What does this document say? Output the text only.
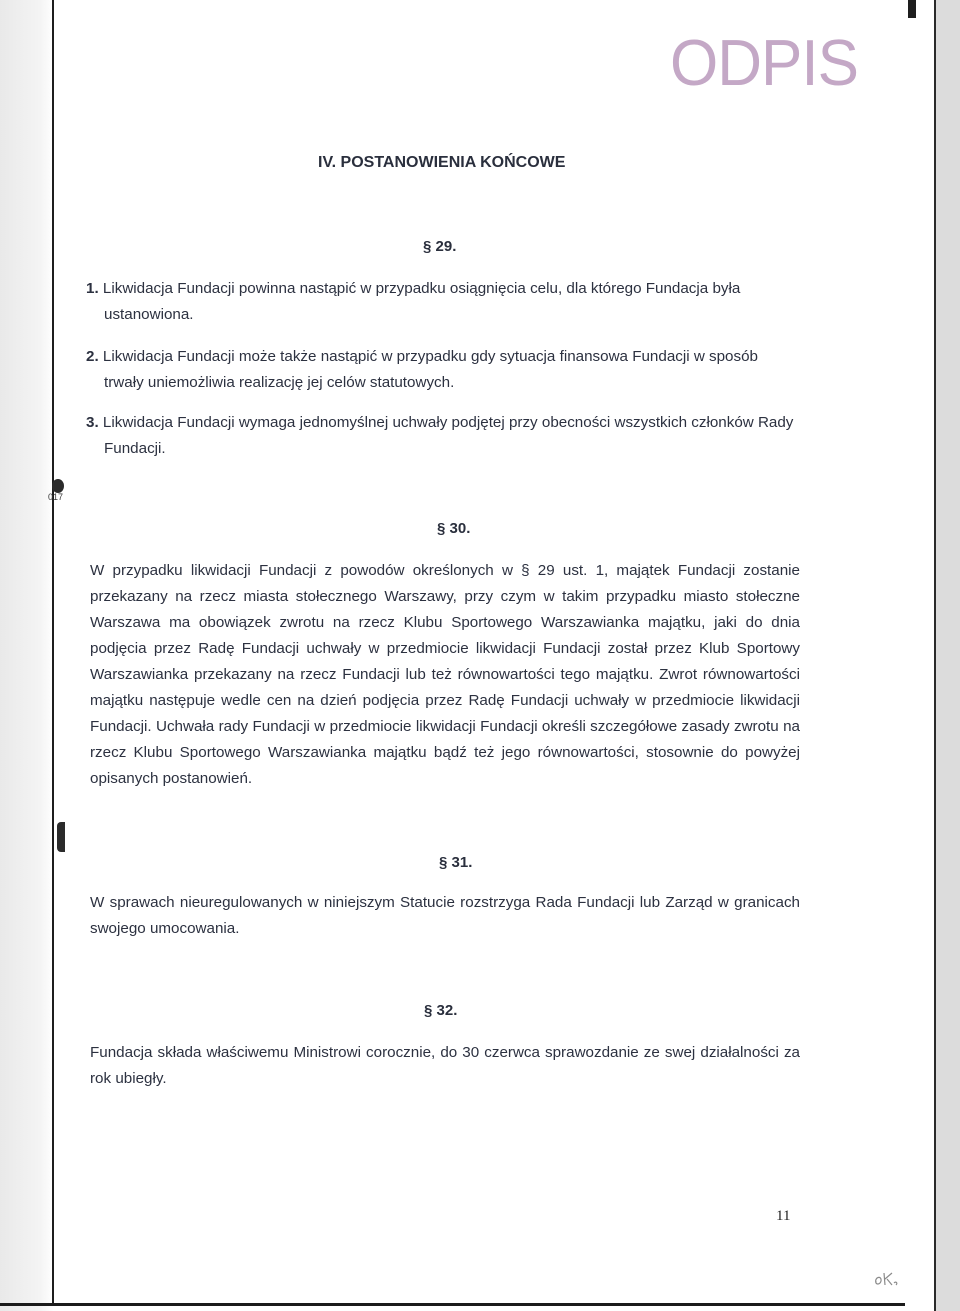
ODPIS
IV. POSTANOWIENIA KOŃCOWE
§ 29.
1. Likwidacja Fundacji powinna nastąpić w przypadku osiągnięcia celu, dla którego Fundacja była
ustanowiona.
2. Likwidacja Fundacji może także nastąpić w przypadku gdy sytuacja finansowa Fundacji w sposób
trwały uniemożliwia realizację jej celów statutowych.
3. Likwidacja Fundacji wymaga jednomyślnej uchwały podjętej przy obecności wszystkich członków Rady
Fundacji.
017
§ 30.
W przypadku likwidacji Fundacji z powodów określonych w § 29 ust. 1, majątek Fundacji zostanie
przekazany na rzecz miasta stołecznego Warszawy, przy czym w takim przypadku miasto stołeczne
Warszawa ma obowiązek zwrotu na rzecz Klubu Sportowego Warszawianka majątku, jaki do dnia
podjęcia przez Radę Fundacji uchwały w przedmiocie likwidacji Fundacji został przez Klub Sportowy
Warszawianka przekazany na rzecz Fundacji lub też równowartości tego majątku. Zwrot równowartości
majątku następuje wedle cen na dzień podjęcia przez Radę Fundacji uchwały w przedmiocie likwidacji
Fundacji. Uchwała rady Fundacji w przedmiocie likwidacji Fundacji określi szczegółowe zasady zwrotu na
rzecz Klubu Sportowego Warszawianka majątku bądź też jego równowartości, stosownie do powyżej
opisanych postanowień.
§ 31.
W sprawach nieuregulowanych w niniejszym Statucie rozstrzyga Rada Fundacji lub Zarząd w granicach
swojego umocowania.
§ 32.
Fundacja składa właściwemu Ministrowi corocznie, do 30 czerwca sprawozdanie ze swej działalności za
rok ubiegły.
11
